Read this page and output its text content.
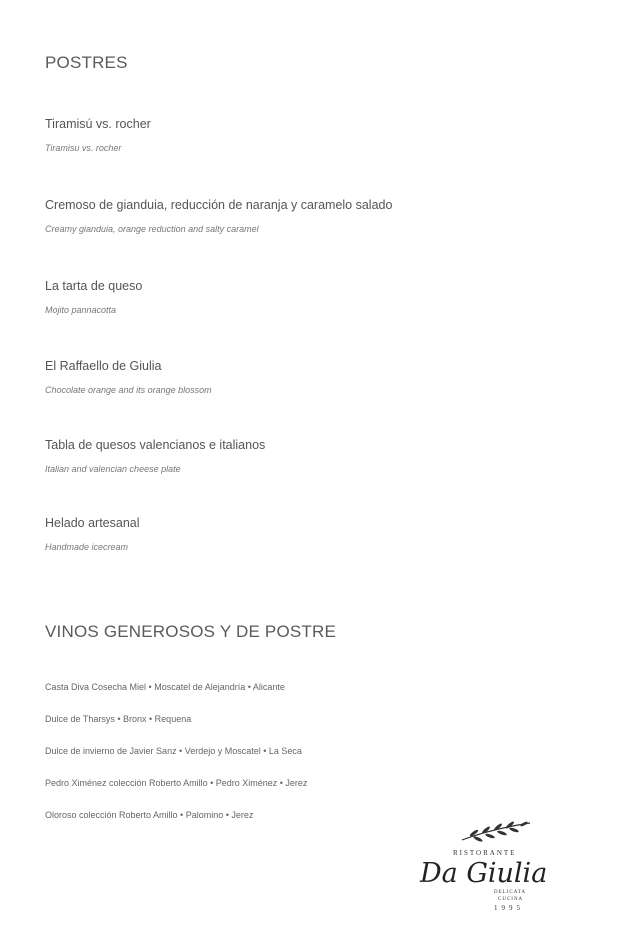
POSTRES
Tiramisú vs. rocher
Tiramisu vs. rocher
Cremoso de gianduia, reducción de naranja y caramelo salado
Creamy gianduia, orange reduction and salty caramel
La tarta de queso
Mojito pannacotta
El Raffaello de Giulia
Chocolate orange and its orange blossom
Tabla de quesos valencianos e italianos
Italian and valencian cheese plate
Helado artesanal
Handmade icecream
VINOS GENEROSOS Y DE POSTRE
Casta Diva Cosecha Miel • Moscatel de Alejandría • Alicante
Dulce de Tharsys • Bronx • Requena
Dulce de invierno de Javier Sanz • Verdejo y Moscatel • La Seca
Pedro Ximénez colección Roberto Amillo • Pedro Ximénez • Jerez
Oloroso colección Roberto Amillo • Palomino • Jerez
RISTORANTE
Da Giulia
DELICATA
CUCINA
1995
